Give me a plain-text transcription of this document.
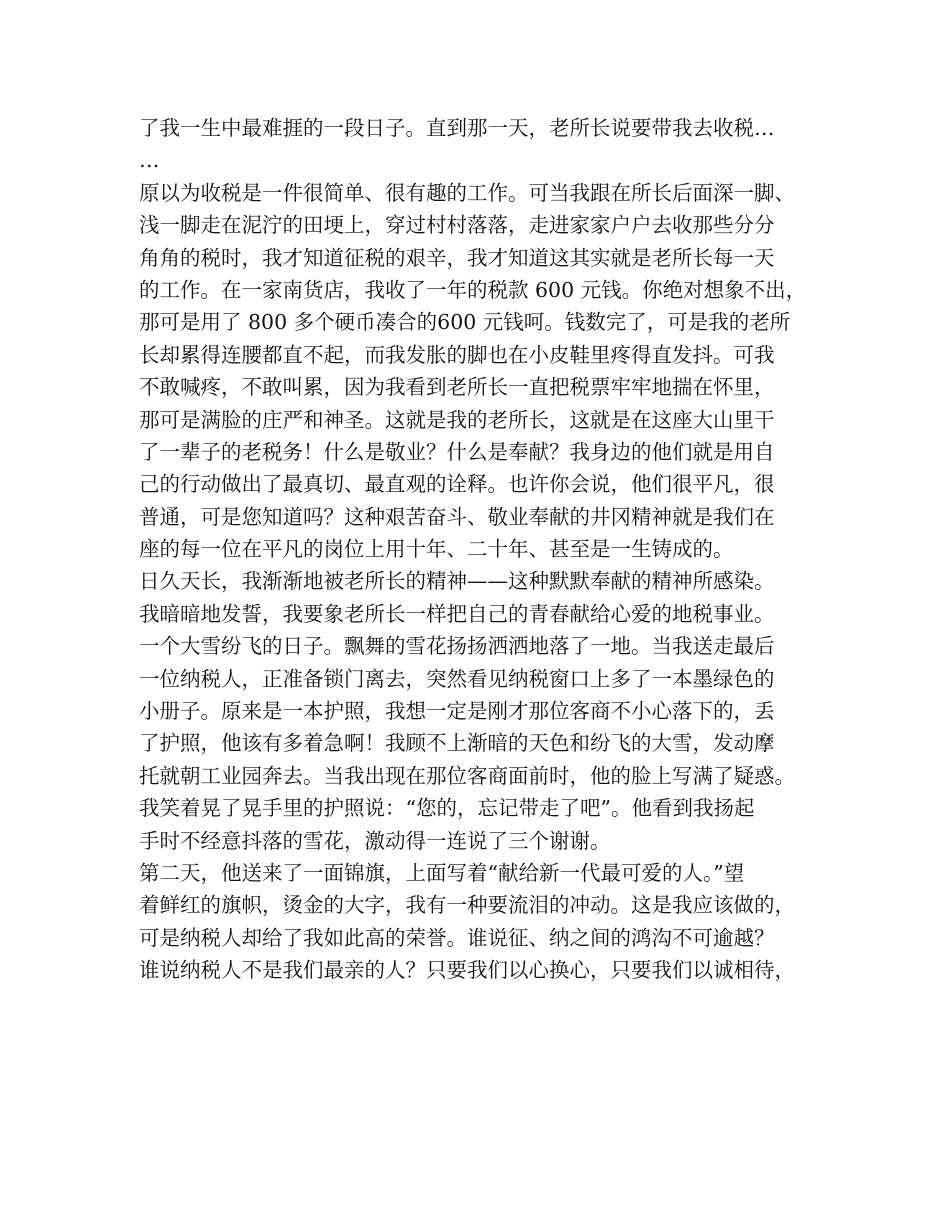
了我一生中最难捱的一段日子。直到那一天，老所长说要带我去收税…
…
原以为收税是一件很简单、很有趣的工作。可当我跟在所长后面深一脚、
浅一脚走在泥泞的田埂上，穿过村村落落，走进家家户户去收那些分分
角角的税时，我才知道征税的艰辛，我才知道这其实就是老所长每一天
的工作。在一家南货店，我收了一年的税款 600 元钱。你绝对想象不出，
那可是用了 800 多个硬币凑合的600 元钱呵。钱数完了，可是我的老所
长却累得连腰都直不起，而我发胀的脚也在小皮鞋里疼得直发抖。可我
不敢喊疼，不敢叫累，因为我看到老所长一直把税票牢牢地揣在怀里，
那可是满脸的庄严和神圣。这就是我的老所长，这就是在这座大山里干
了一辈子的老税务！什么是敬业？什么是奉献？我身边的他们就是用自
己的行动做出了最真切、最直观的诠释。也许你会说，他们很平凡，很
普通，可是您知道吗？这种艰苦奋斗、敬业奉献的井冈精神就是我们在
座的每一位在平凡的岗位上用十年、二十年、甚至是一生铸成的。
日久天长，我渐渐地被老所长的精神——这种默默奉献的精神所感染。
我暗暗地发誓，我要象老所长一样把自己的青春献给心爱的地税事业。
一个大雪纷飞的日子。飘舞的雪花扬扬洒洒地落了一地。当我送走最后
一位纳税人，正准备锁门离去，突然看见纳税窗口上多了一本墨绿色的
小册子。原来是一本护照，我想一定是刚才那位客商不小心落下的，丢
了护照，他该有多着急啊！我顾不上渐暗的天色和纷飞的大雪，发动摩
托就朝工业园奔去。当我出现在那位客商面前时，他的脸上写满了疑惑。
我笑着晃了晃手里的护照说：“您的，忘记带走了吧”。他看到我扬起
手时不经意抖落的雪花，激动得一连说了三个谢谢。
第二天，他送来了一面锦旗，上面写着“献给新一代最可爱的人。”望
着鲜红的旗帜，烫金的大字，我有一种要流泪的冲动。这是我应该做的，
可是纳税人却给了我如此高的荣誉。谁说征、纳之间的鸿沟不可逾越？
谁说纳税人不是我们最亲的人？只要我们以心换心，只要我们以诚相待，
